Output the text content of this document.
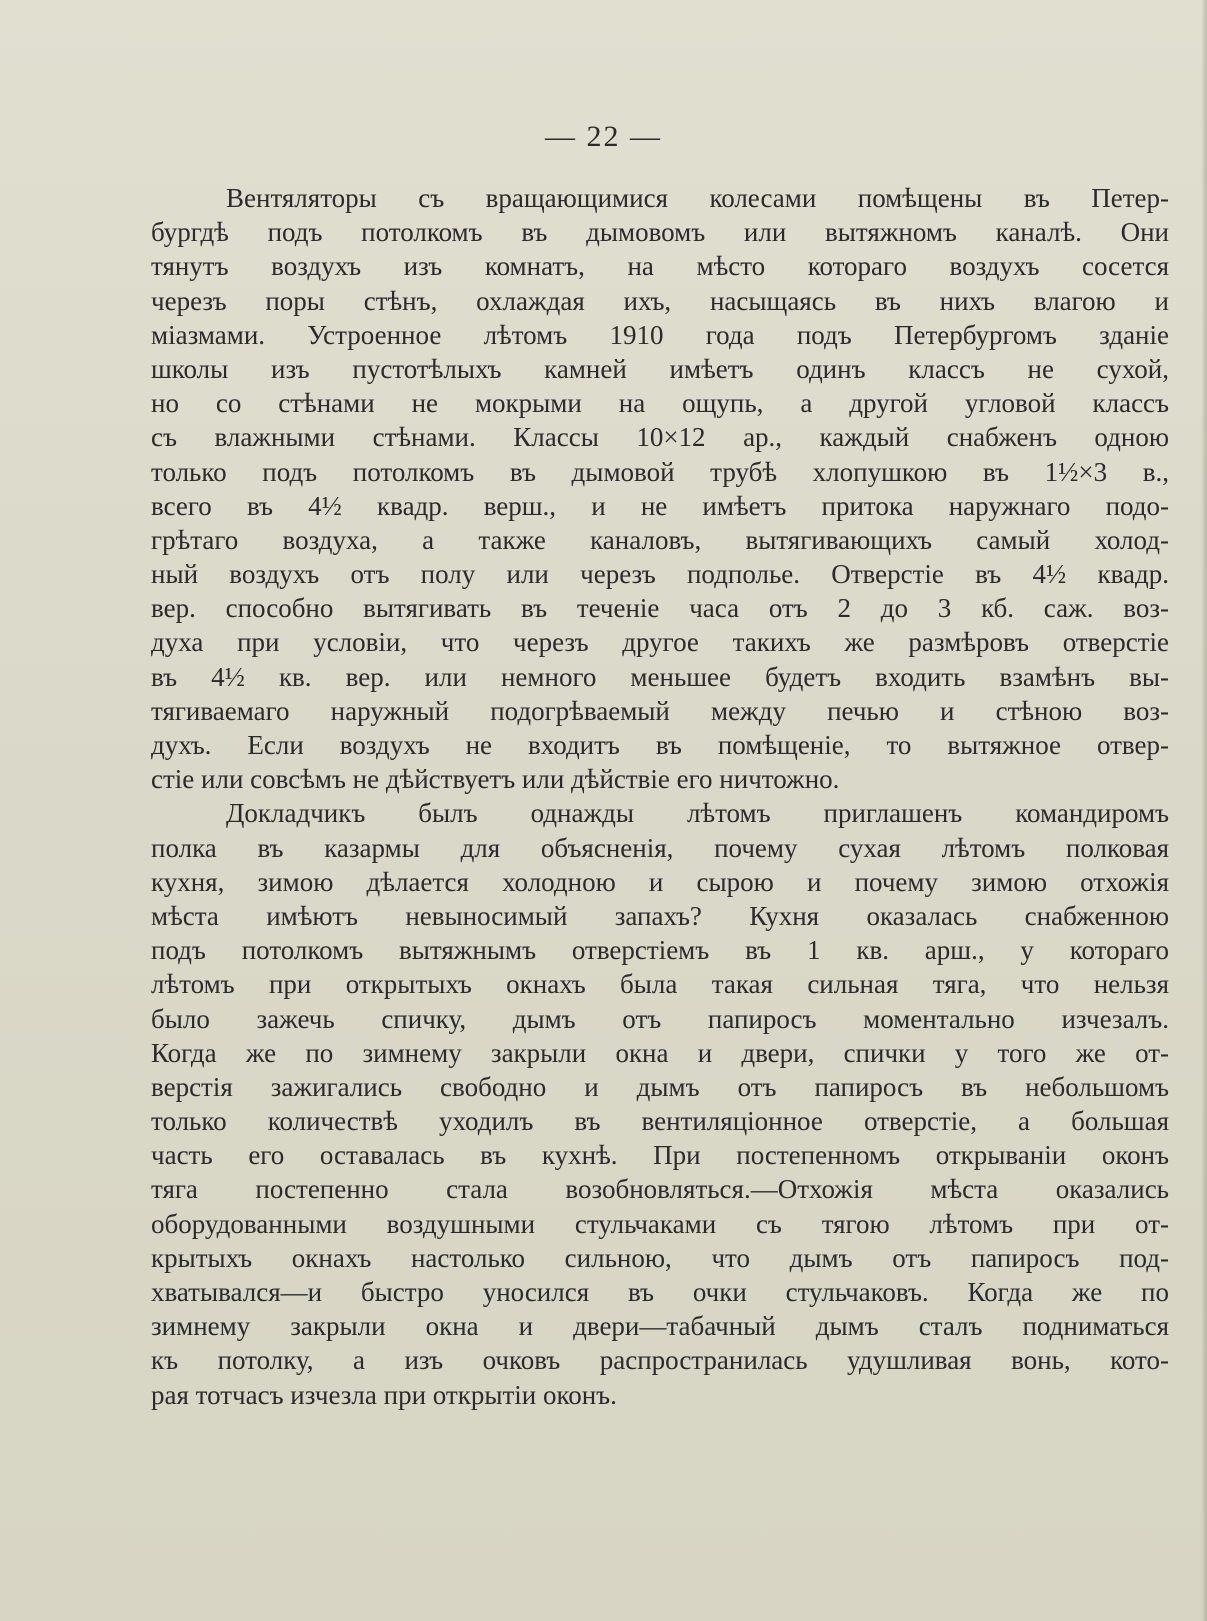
— 22 —
Вентяляторы съ вращающимися колесами помѣщены въ Петер-
бургдѣ подъ потолкомъ въ дымовомъ или вытяжномъ каналѣ. Они
тянутъ воздухъ изъ комнатъ, на мѣсто котораго воздухъ сосется
черезъ поры стѣнъ, охлаждая ихъ, насыщаясь въ нихъ влагою и
міазмами. Устроенное лѣтомъ 1910 года подъ Петербургомъ зданіе
школы изъ пустотѣлыхъ камней имѣетъ одинъ классъ не сухой,
но со стѣнами не мокрыми на ощупь, а другой угловой классъ
съ влажными стѣнами. Классы 10×12 ар., каждый снабженъ одною
только подъ потолкомъ въ дымовой трубѣ хлопушкою въ 1½×3 в.,
всего въ 4½ квадр. верш., и не имѣетъ притока наружнаго подо-
грѣтаго воздуха, а также каналовъ, вытягивающихъ самый холод-
ный воздухъ отъ полу или черезъ подполье. Отверстіе въ 4½ квадр.
вер. способно вытягивать въ теченіе часа отъ 2 до 3 кб. саж. воз-
духа при условіи, что черезъ другое такихъ же размѣровъ отверстіе
въ 4½ кв. вер. или немного меньшее будетъ входить взамѣнъ вы-
тягиваемаго наружный подогрѣваемый между печью и стѣною воз-
духъ. Если воздухъ не входитъ въ помѣщеніе, то вытяжное отвер-
стіе или совсѣмъ не дѣйствуетъ или дѣйствіе его ничтожно.
Докладчикъ былъ однажды лѣтомъ приглашенъ командиромъ
полка въ казармы для объясненія, почему сухая лѣтомъ полковая
кухня, зимою дѣлается холодною и сырою и почему зимою отхожія
мѣста имѣютъ невыносимый запахъ? Кухня оказалась снабженною
подъ потолкомъ вытяжнымъ отверстіемъ въ 1 кв. арш., у котораго
лѣтомъ при открытыхъ окнахъ была такая сильная тяга, что нельзя
было зажечь спичку, дымъ отъ папиросъ моментально изчезалъ.
Когда же по зимнему закрыли окна и двери, спички у того же от-
верстія зажигались свободно и дымъ отъ папиросъ въ небольшомъ
только количествѣ уходилъ въ вентиляціонное отверстіе, а большая
часть его оставалась въ кухнѣ. При постепенномъ открываніи оконъ
тяга постепенно стала возобновляться.—Отхожія мѣста оказались
оборудованными воздушными стульчаками съ тягою лѣтомъ при от-
крытыхъ окнахъ настолько сильною, что дымъ отъ папиросъ под-
хватывался—и быстро уносился въ очки стульчаковъ. Когда же по
зимнему закрыли окна и двери—табачный дымъ сталъ подниматься
къ потолку, а изъ очковъ распространилась удушливая вонь, кото-
рая тотчасъ изчезла при открытіи оконъ.
